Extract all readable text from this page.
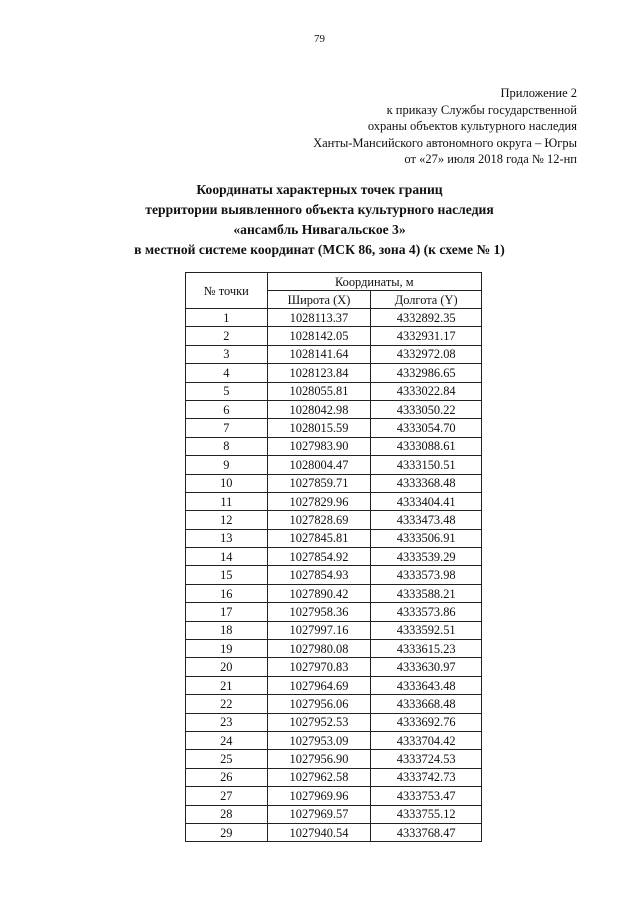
79
Приложение 2
к приказу Службы государственной
охраны объектов культурного наследия
Ханты-Мансийского автономного округа – Югры
от «27» июля 2018 года № 12-нп
Координаты характерных точек границ
территории выявленного объекта культурного наследия
«ансамбль Нивагальское 3»
в местной системе координат (МСК 86, зона 4) (к схеме № 1)
№ точки	Координаты, м	
	Широта (X)	Долгота (Y)
1	1028113.37	4332892.35
2	1028142.05	4332931.17
3	1028141.64	4332972.08
4	1028123.84	4332986.65
5	1028055.81	4333022.84
6	1028042.98	4333050.22
7	1028015.59	4333054.70
8	1027983.90	4333088.61
9	1028004.47	4333150.51
10	1027859.71	4333368.48
11	1027829.96	4333404.41
12	1027828.69	4333473.48
13	1027845.81	4333506.91
14	1027854.92	4333539.29
15	1027854.93	4333573.98
16	1027890.42	4333588.21
17	1027958.36	4333573.86
18	1027997.16	4333592.51
19	1027980.08	4333615.23
20	1027970.83	4333630.97
21	1027964.69	4333643.48
22	1027956.06	4333668.48
23	1027952.53	4333692.76
24	1027953.09	4333704.42
25	1027956.90	4333724.53
26	1027962.58	4333742.73
27	1027969.96	4333753.47
28	1027969.57	4333755.12
29	1027940.54	4333768.47
